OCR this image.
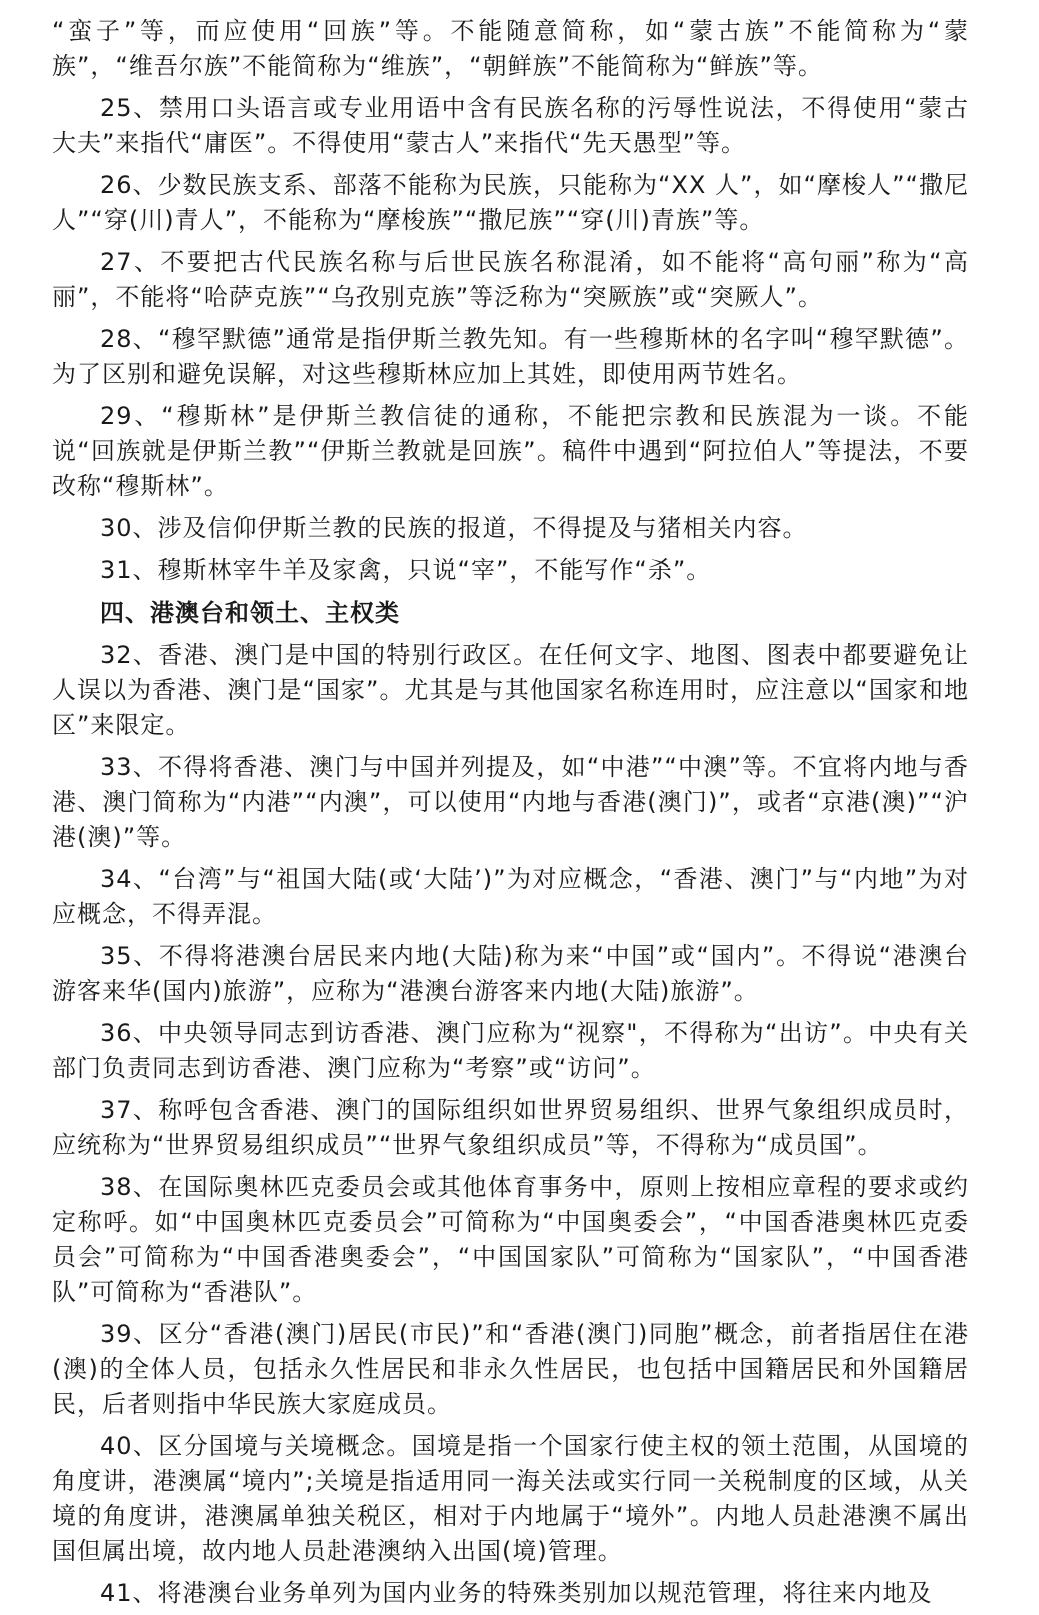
“蛮子”等，而应使用“回族”等。不能随意简称，如“蒙古族”不能简称为“蒙族”，“维吾尔族”不能简称为“维族”，“朝鲜族”不能简称为“鲜族”等。

25、禁用口头语言或专业用语中含有民族名称的污辱性说法，不得使用“蒙古大夫”来指代“庸医”。不得使用“蒙古人”来指代“先天愚型”等。

26、少数民族支系、部落不能称为民族，只能称为“XX 人”，如“摩梭人”“撒尼人”“穿(川)青人”，不能称为“摩梭族”“撒尼族”“穿(川)青族”等。

27、不要把古代民族名称与后世民族名称混淆，如不能将“高句丽”称为“高丽”，不能将“哈萨克族”“乌孜别克族”等泛称为“突厥族”或“突厥人”。

28、“穆罕默德”通常是指伊斯兰教先知。有一些穆斯林的名字叫“穆罕默德”。为了区别和避免误解，对这些穆斯林应加上其姓，即使用两节姓名。

29、“穆斯林”是伊斯兰教信徒的通称，不能把宗教和民族混为一谈。不能说“回族就是伊斯兰教”“伊斯兰教就是回族”。稿件中遇到“阿拉伯人”等提法，不要改称“穆斯林”。

30、涉及信仰伊斯兰教的民族的报道，不得提及与猪相关内容。

31、穆斯林宰牛羊及家禽，只说“宰”，不能写作“杀”。

四、港澳台和领土、主权类

32、香港、澳门是中国的特别行政区。在任何文字、地图、图表中都要避免让人误以为香港、澳门是“国家”。尤其是与其他国家名称连用时，应注意以“国家和地区”来限定。

33、不得将香港、澳门与中国并列提及，如“中港”“中澳”等。不宜将内地与香港、澳门简称为“内港”“内澳”，可以使用“内地与香港(澳门)”，或者“京港(澳)”“沪港(澳)”等。

34、“台湾”与“祖国大陆(或‘大陆’)”为对应概念，“香港、澳门”与“内地”为对应概念，不得弄混。

35、不得将港澳台居民来内地(大陆)称为来“中国”或“国内”。不得说“港澳台游客来华(国内)旅游”，应称为“港澳台游客来内地(大陆)旅游”。

36、中央领导同志到访香港、澳门应称为“视察"，不得称为“出访”。中央有关部门负责同志到访香港、澳门应称为“考察”或“访问”。

37、称呼包含香港、澳门的国际组织如世界贸易组织、世界气象组织成员时，应统称为“世界贸易组织成员”“世界气象组织成员”等，不得称为“成员国”。

38、在国际奥林匹克委员会或其他体育事务中，原则上按相应章程的要求或约定称呼。如“中国奥林匹克委员会”可简称为“中国奥委会”，“中国香港奥林匹克委员会”可简称为“中国香港奥委会”，“中国国家队”可简称为“国家队”，“中国香港队”可简称为“香港队”。

39、区分“香港(澳门)居民(市民)”和“香港(澳门)同胞”概念，前者指居住在港(澳)的全体人员，包括永久性居民和非永久性居民，也包括中国籍居民和外国籍居民，后者则指中华民族大家庭成员。

40、区分国境与关境概念。国境是指一个国家行使主权的领土范围，从国境的角度讲，港澳属“境内”;关境是指适用同一海关法或实行同一关税制度的区域，从关境的角度讲，港澳属单独关税区，相对于内地属于“境外”。内地人员赴港澳不属出国但属出境，故内地人员赴港澳纳入出国(境)管理。

41、将港澳台业务单列为国内业务的特殊类别加以规范管理，将往来内地及
